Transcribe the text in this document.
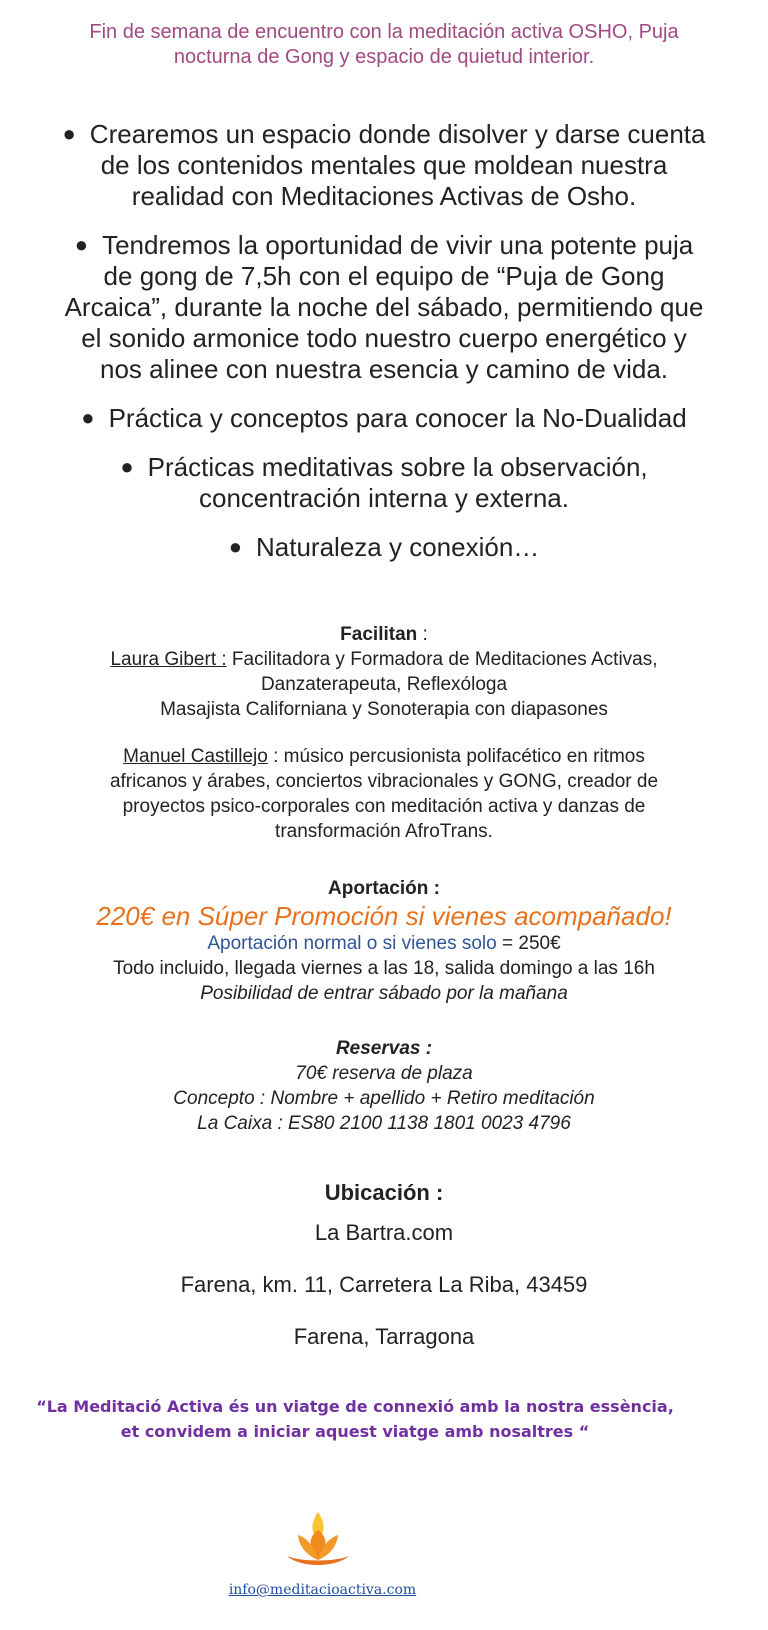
Fin de semana de encuentro con la meditación activa OSHO, Puja
nocturna de Gong y espacio de quietud interior.
● Crearemos un espacio donde disolver y darse cuenta
de los contenidos mentales que moldean nuestra
realidad con Meditaciones Activas de Osho.
● Tendremos la oportunidad de vivir una potente puja
de gong de 7,5h con el equipo de “Puja de Gong
Arcaica”, durante la noche del sábado, permitiendo que
el sonido armonice todo nuestro cuerpo energético y
nos alinee con nuestra esencia y camino de vida.
● Práctica y conceptos para conocer la No-Dualidad
● Prácticas meditativas sobre la observación,
concentración interna y externa.
● Naturaleza y conexión…
Facilitan :
Laura Gibert : Facilitadora y Formadora de Meditaciones Activas,
Danzaterapeuta, Reflexóloga
Masajista Californiana y Sonoterapia con diapasones
Manuel Castillejo : músico percusionista polifacético en ritmos
africanos y árabes, conciertos vibracionales y GONG, creador de
proyectos psico-corporales con meditación activa y danzas de
transformación AfroTrans.
Aportación :
220€ en Súper Promoción si vienes acompañado!
Aportación normal o si vienes solo = 250€
Todo incluido, llegada viernes a las 18, salida domingo a las 16h
Posibilidad de entrar sábado por la mañana
Reservas :
70€ reserva de plaza
Concepto : Nombre + apellido + Retiro meditación
La Caixa : ES80 2100 1138 1801 0023 4796
Ubicación :
La Bartra.com
Farena, km. 11, Carretera La Riba, 43459
Farena, Tarragona
“La Meditació Activa és un viatge de connexió amb la nostra essència,
et convidem a iniciar aquest viatge amb nosaltres “
info@meditacioactiva.com
